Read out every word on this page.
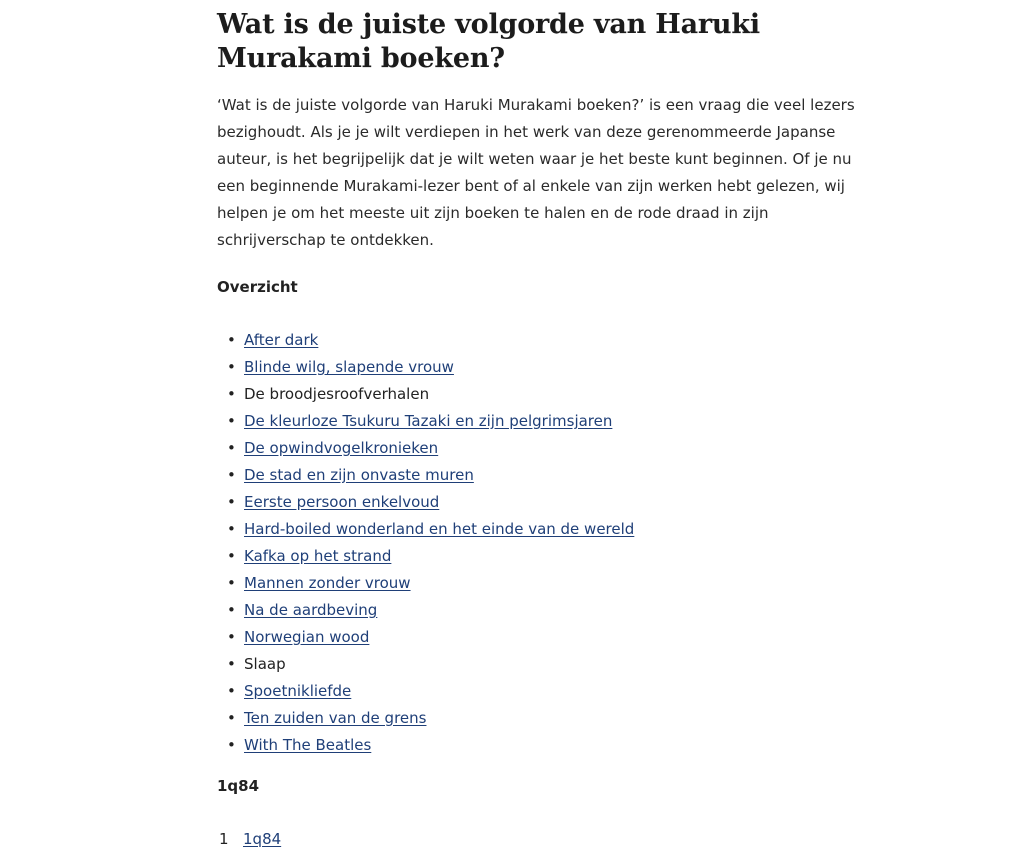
Wat is de juiste volgorde van Haruki Murakami boeken?

‘Wat is de juiste volgorde van Haruki Murakami boeken?’ is een vraag die veel lezers bezighoudt. Als je je wilt verdiepen in het werk van deze gerenommeerde Japanse auteur, is het begrijpelijk dat je wilt weten waar je het beste kunt beginnen. Of je nu een beginnende Murakami-lezer bent of al enkele van zijn werken hebt gelezen, wij helpen je om het meeste uit zijn boeken te halen en de rode draad in zijn schrijverschap te ontdekken.

Overzicht
• After dark
• Blinde wilg, slapende vrouw
• De broodjesroofverhalen
• De kleurloze Tsukuru Tazaki en zijn pelgrimsjaren
• De opwindvogelkronieken
• De stad en zijn onvaste muren
• Eerste persoon enkelvoud
• Hard-boiled wonderland en het einde van de wereld
• Kafka op het strand
• Mannen zonder vrouw
• Na de aardbeving
• Norwegian wood
• Slaap
• Spoetnikliefde
• Ten zuiden van de grens
• With The Beatles
1q84
1 1q84
